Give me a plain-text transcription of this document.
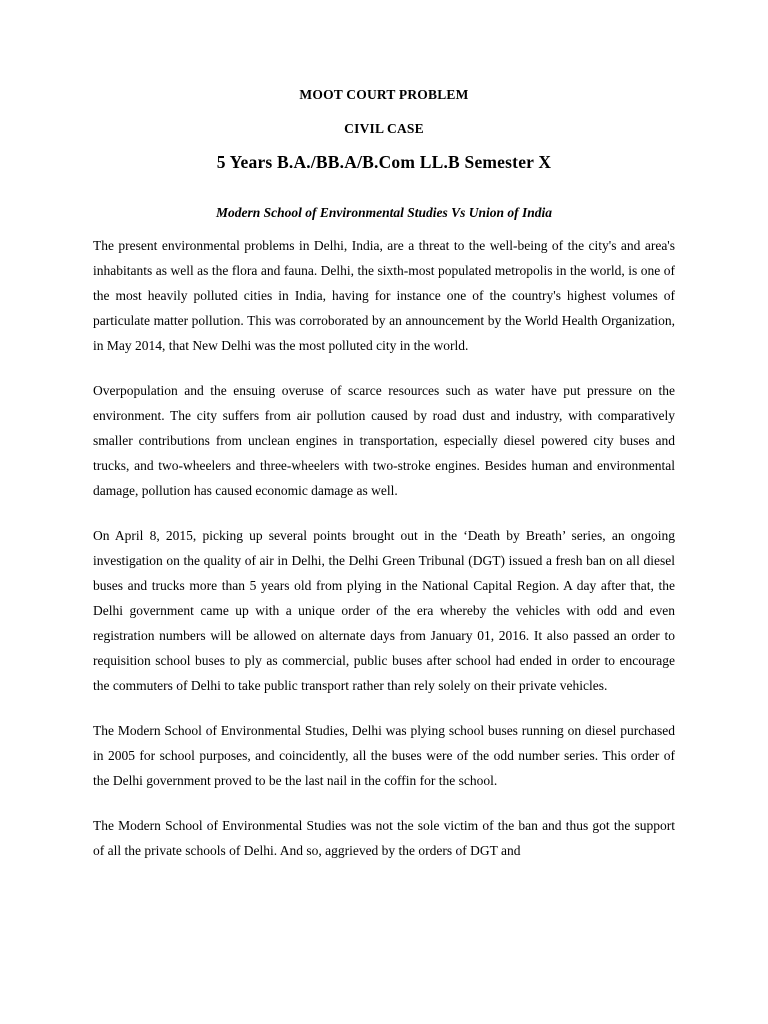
MOOT COURT PROBLEM

CIVIL CASE

5 Years B.A./BB.A/B.Com LL.B Semester X

Modern School of Environmental Studies Vs Union of India

The present environmental problems in Delhi, India, are a threat to the well-being of the city's and area's inhabitants as well as the flora and fauna. Delhi, the sixth-most populated metropolis in the world, is one of the most heavily polluted cities in India, having for instance one of the country's highest volumes of particulate matter pollution. This was corroborated by an announcement by the World Health Organization, in May 2014, that New Delhi was the most polluted city in the world.

Overpopulation and the ensuing overuse of scarce resources such as water have put pressure on the environment. The city suffers from air pollution caused by road dust and industry, with comparatively smaller contributions from unclean engines in transportation, especially diesel powered city buses and trucks, and two-wheelers and three-wheelers with two-stroke engines. Besides human and environmental damage, pollution has caused economic damage as well.

On April 8, 2015, picking up several points brought out in the ‘Death by Breath’ series, an ongoing investigation on the quality of air in Delhi, the Delhi Green Tribunal (DGT) issued a fresh ban on all diesel buses and trucks more than 5 years old from plying in the National Capital Region. A day after that, the Delhi government came up with a unique order of the era whereby the vehicles with odd and even registration numbers will be allowed on alternate days from January 01, 2016. It also passed an order to requisition school buses to ply as commercial, public buses after school had ended in order to encourage the commuters of Delhi to take public transport rather than rely solely on their private vehicles.

The Modern School of Environmental Studies, Delhi was plying school buses running on diesel purchased in 2005 for school purposes, and coincidently, all the buses were of the odd number series. This order of the Delhi government proved to be the last nail in the coffin for the school.

The Modern School of Environmental Studies was not the sole victim of the ban and thus got the support of all the private schools of Delhi. And so, aggrieved by the orders of DGT and
